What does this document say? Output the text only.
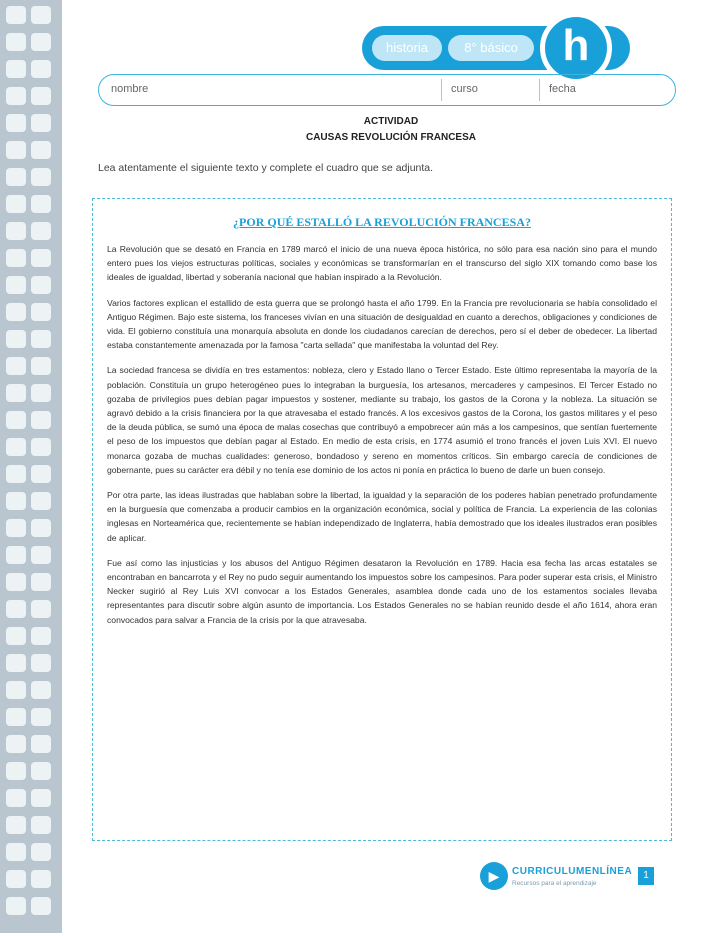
historia	8° básico	h
nombre	curso	fecha
ACTIVIDAD
CAUSAS REVOLUCIÓN FRANCESA
Lea atentamente el siguiente texto y complete el cuadro que se adjunta.
¿POR QUÉ ESTALLÓ LA REVOLUCIÓN FRANCESA?

La Revolución que se desató en Francia en 1789 marcó el inicio de una nueva época histórica, no sólo para esa nación sino para el mundo entero pues los viejos estructuras políticas, sociales y económicas se transformarían en el transcurso del siglo XIX tomando como base los ideales de igualdad, libertad y soberanía nacional que habían inspirado a la Revolución.

Varios factores explican el estallido de esta guerra que se prolongó hasta el año 1799. En la Francia pre revolucionaria se había consolidado el Antiguo Régimen. Bajo este sistema, los franceses vivían en una situación de desigualdad en cuanto a derechos, obligaciones y condiciones de vida. El gobierno constituía una monarquía absoluta en donde los ciudadanos carecían de derechos, pero sí el deber de obedecer. La libertad estaba constantemente amenazada por la famosa "carta sellada" que manifestaba la voluntad del Rey.

La sociedad francesa se dividía en tres estamentos: nobleza, clero y Estado llano o Tercer Estado. Este último representaba la mayoría de la población. Constituía un grupo heterogéneo pues lo integraban la burguesía, los artesanos, mercaderes y campesinos. El Tercer Estado no gozaba de privilegios pues debían pagar impuestos y sostener, mediante su trabajo, los gastos de la Corona y la nobleza. La situación se agravó debido a la crisis financiera por la que atravesaba el estado francés. A los excesivos gastos de la Corona, los gastos militares y el peso de la deuda pública, se sumó una época de malas cosechas que contribuyó a empobrecer aún más a los campesinos, que sentían fuertemente el peso de los impuestos que debían pagar al Estado. En medio de esta crisis, en 1774 asumió el trono francés el joven Luis XVI. El nuevo monarca gozaba de muchas cualidades: generoso, bondadoso y sereno en momentos críticos. Sin embargo carecía de condiciones de gobernante, pues su carácter era débil y no tenía ese dominio de los actos ni ponía en práctica lo bueno de darle un buen consejo.

Por otra parte, las ideas ilustradas que hablaban sobre la libertad, la igualdad y la separación de los poderes habían penetrado profundamente en la burguesía que comenzaba a producir cambios en la organización económica, social y política de Francia. La experiencia de las colonias inglesas en Norteamérica que, recientemente se habían independizado de Inglaterra, había demostrado que los ideales ilustrados eran posibles de aplicar.

Fue así como las injusticias y los abusos del Antiguo Régimen desataron la Revolución en 1789. Hacia esa fecha las arcas estatales se encontraban en bancarrota y el Rey no pudo seguir aumentando los impuestos sobre los campesinos. Para poder superar esta crisis, el Ministro Necker sugirió al Rey Luis XVI convocar a los Estados Generales, asamblea donde cada uno de los estamentos sociales llevaba representantes para discutir sobre algún asunto de importancia. Los Estados Generales no se habían reunido desde el año 1614, ahora eran convocados para salvar a Francia de la crisis por la que atravesaba.

▶	CURRICULUMENLÍNEA
Recursos para el aprendizaje
1
